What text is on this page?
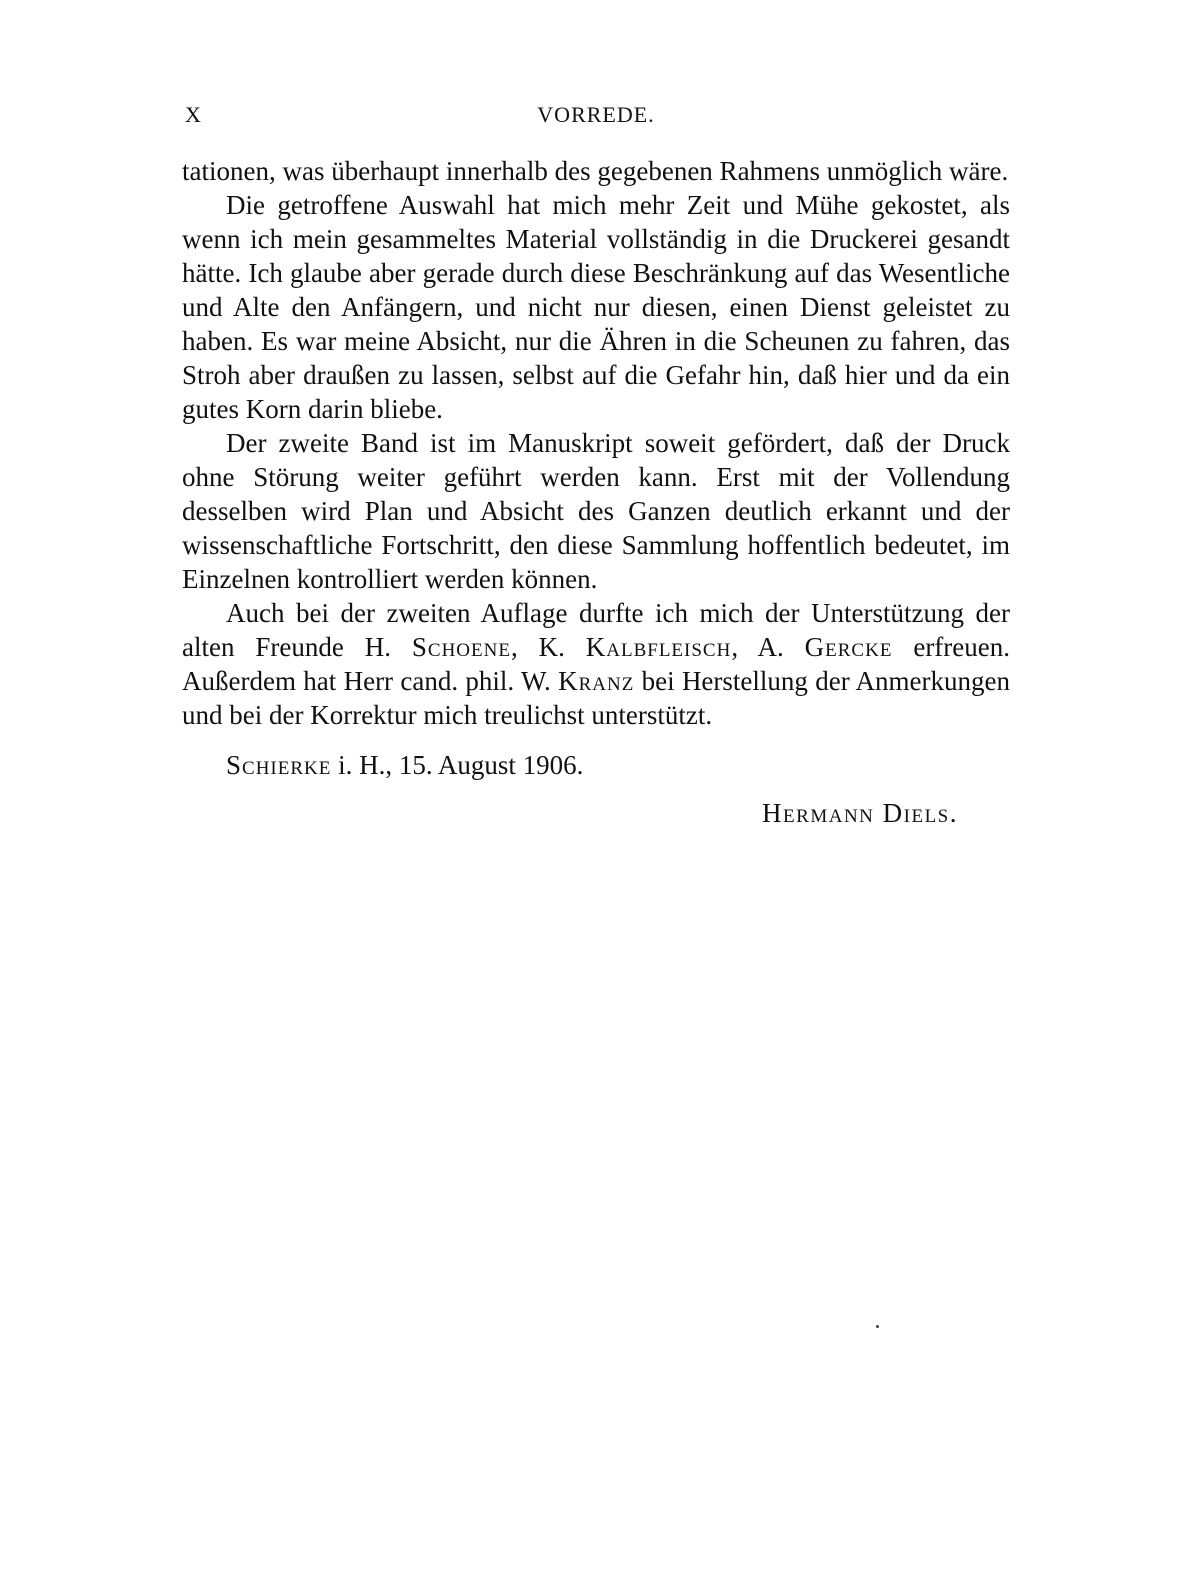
X	VORREDE.

tationen, was überhaupt innerhalb des gegebenen Rahmens unmöglich wäre.

Die getroffene Auswahl hat mich mehr Zeit und Mühe gekostet, als wenn ich mein gesammeltes Material vollständig in die Druckerei gesandt hätte. Ich glaube aber gerade durch diese Beschränkung auf das Wesentliche und Alte den Anfängern, und nicht nur diesen, einen Dienst geleistet zu haben. Es war meine Absicht, nur die Ähren in die Scheunen zu fahren, das Stroh aber draußen zu lassen, selbst auf die Gefahr hin, daß hier und da ein gutes Korn darin bliebe.

Der zweite Band ist im Manuskript soweit gefördert, daß der Druck ohne Störung weiter geführt werden kann. Erst mit der Vollendung desselben wird Plan und Absicht des Ganzen deutlich erkannt und der wissenschaftliche Fortschritt, den diese Sammlung hoffentlich bedeutet, im Einzelnen kontrolliert werden können.

Auch bei der zweiten Auflage durfte ich mich der Unterstützung der alten Freunde H. Schoene, K. Kalbfleisch, A. Gercke erfreuen. Außerdem hat Herr cand. phil. W. Kranz bei Herstellung der Anmerkungen und bei der Korrektur mich treulichst unterstützt.

Schierke i. H., 15. August 1906.
Hermann Diels.
